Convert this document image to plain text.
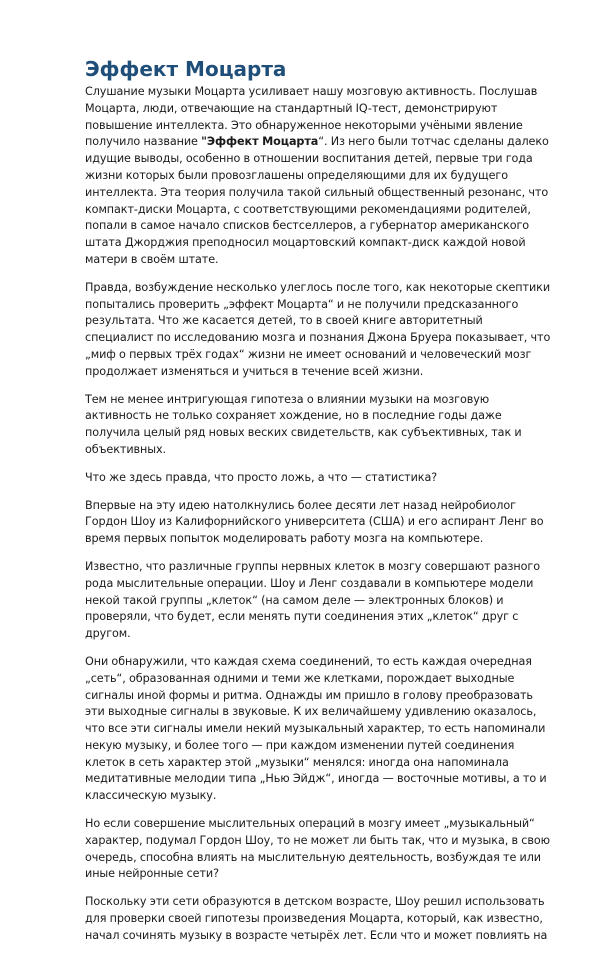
Эффект Моцарта

Слушание музыки Моцарта усиливает нашу мозговую активность. Послушав Моцарта, люди, отвечающие на стандартный IQ-тест, демонстрируют повышение интеллекта. Это обнаруженное некоторыми учёными явление получило название "Эффект Моцарта“. Из него были тотчас сделаны далеко идущие выводы, особенно в отношении воспитания детей, первые три года жизни которых были провозглашены определяющими для их будущего интеллекта. Эта теория получила такой сильный общественный резонанс, что компакт-диски Моцарта, с соответствующими рекомендациями родителей, попали в самое начало списков бестселлеров, а губернатор американского штата Джорджия преподносил моцартовский компакт-диск каждой новой матери в своём штате.

Правда, возбуждение несколько улеглось после того, как некоторые скептики попытались проверить „эффект Моцарта“ и не получили предсказанного результата. Что же касается детей, то в своей книге авторитетный специалист по исследованию мозга и познания Джона Бруера показывает, что „миф о первых трёх годах“ жизни не имеет оснований и человеческий мозг продолжает изменяться и учиться в течение всей жизни.

Тем не менее интригующая гипотеза о влиянии музыки на мозговую активность не только сохраняет хождение, но в последние годы даже получила целый ряд новых веских свидетельств, как субъективных, так и объективных.

Что же здесь правда, что просто ложь, а что — статистика?

Впервые на эту идею натолкнулись более десяти лет назад нейробиолог Гордон Шоу из Калифорнийского университета (США) и его аспирант Ленг во время первых попыток моделировать работу мозга на компьютере.

Известно, что различные группы нервных клеток в мозгу совершают разного рода мыслительные операции. Шоу и Ленг создавали в компьютере модели некой такой группы „клеток“ (на самом деле — электронных блоков) и проверяли, что будет, если менять пути соединения этих „клеток“ друг с другом.

Они обнаружили, что каждая схема соединений, то есть каждая очередная „сеть“, образованная одними и теми же клетками, порождает выходные сигналы иной формы и ритма. Однажды им пришло в голову преобразовать эти выходные сигналы в звуковые. К их величайшему удивлению оказалось, что все эти сигналы имели некий музыкальный характер, то есть напоминали некую музыку, и более того — при каждом изменении путей соединения клеток в сеть характер этой „музыки“ менялся: иногда она напоминала медитативные мелодии типа „Нью Эйдж“, иногда — восточные мотивы, а то и классическую музыку.

Но если совершение мыслительных операций в мозгу имеет „музыкальный“ характер, подумал Гордон Шоу, то не может ли быть так, что и музыка, в свою очередь, способна влиять на мыслительную деятельность, возбуждая те или иные нейронные сети?

Поскольку эти сети образуются в детском возрасте, Шоу решил использовать для проверки своей гипотезы произведения Моцарта, который, как известно, начал сочинять музыку в возрасте четырёх лет. Если что и может повлиять на
